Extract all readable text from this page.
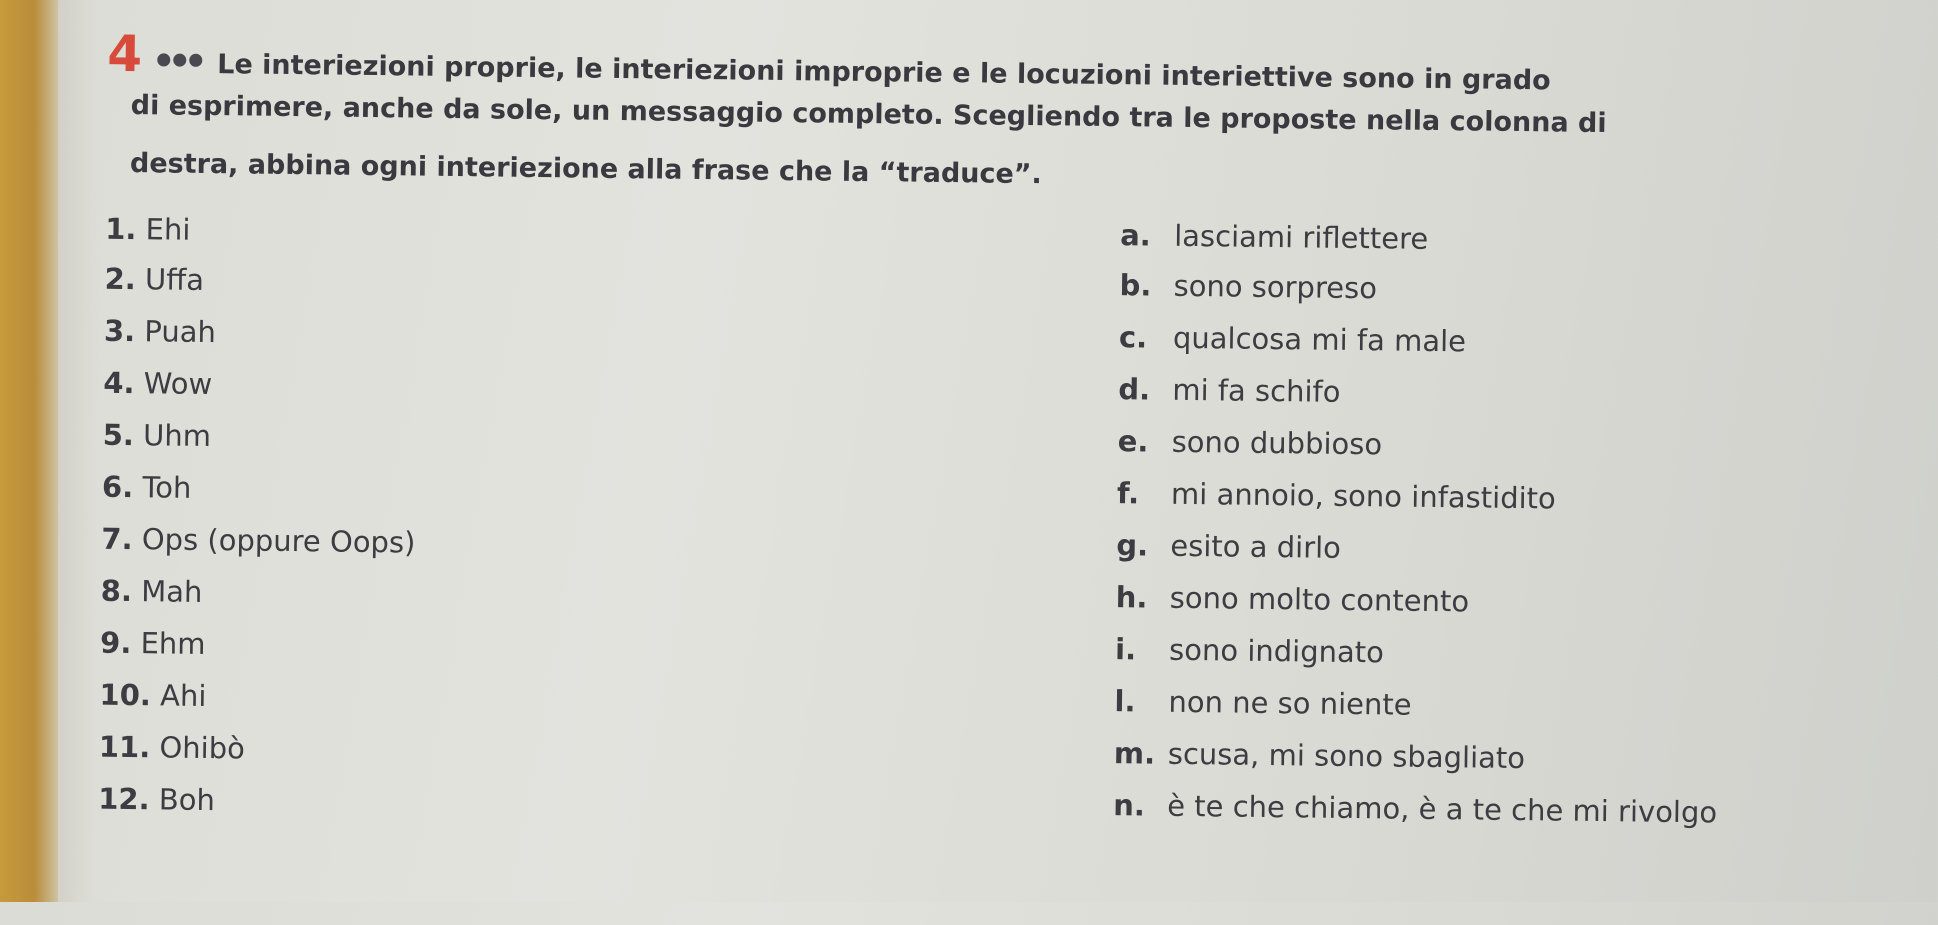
4	Le interiezioni proprie, le interiezioni improprie e le locuzioni interiettive sono in grado
di esprimere, anche da sole, un messaggio completo. Scegliendo tra le proposte nella colonna di
destra, abbina ogni interiezione alla frase che la “traduce”.
1. Ehi
2. Uffa
3. Puah
4. Wow
5. Uhm
6. Toh
7. Ops (oppure Oops)
8. Mah
9. Ehm
10. Ahi
11. Ohibò
12. Boh
a. lasciami riflettere
b. sono sorpreso
c. qualcosa mi fa male
d. mi fa schifo
e. sono dubbioso
f. mi annoio, sono infastidito
g. esito a dirlo
h. sono molto contento
i. sono indignato
l. non ne so niente
m. scusa, mi sono sbagliato
n. è te che chiamo, è a te che mi rivolgo
